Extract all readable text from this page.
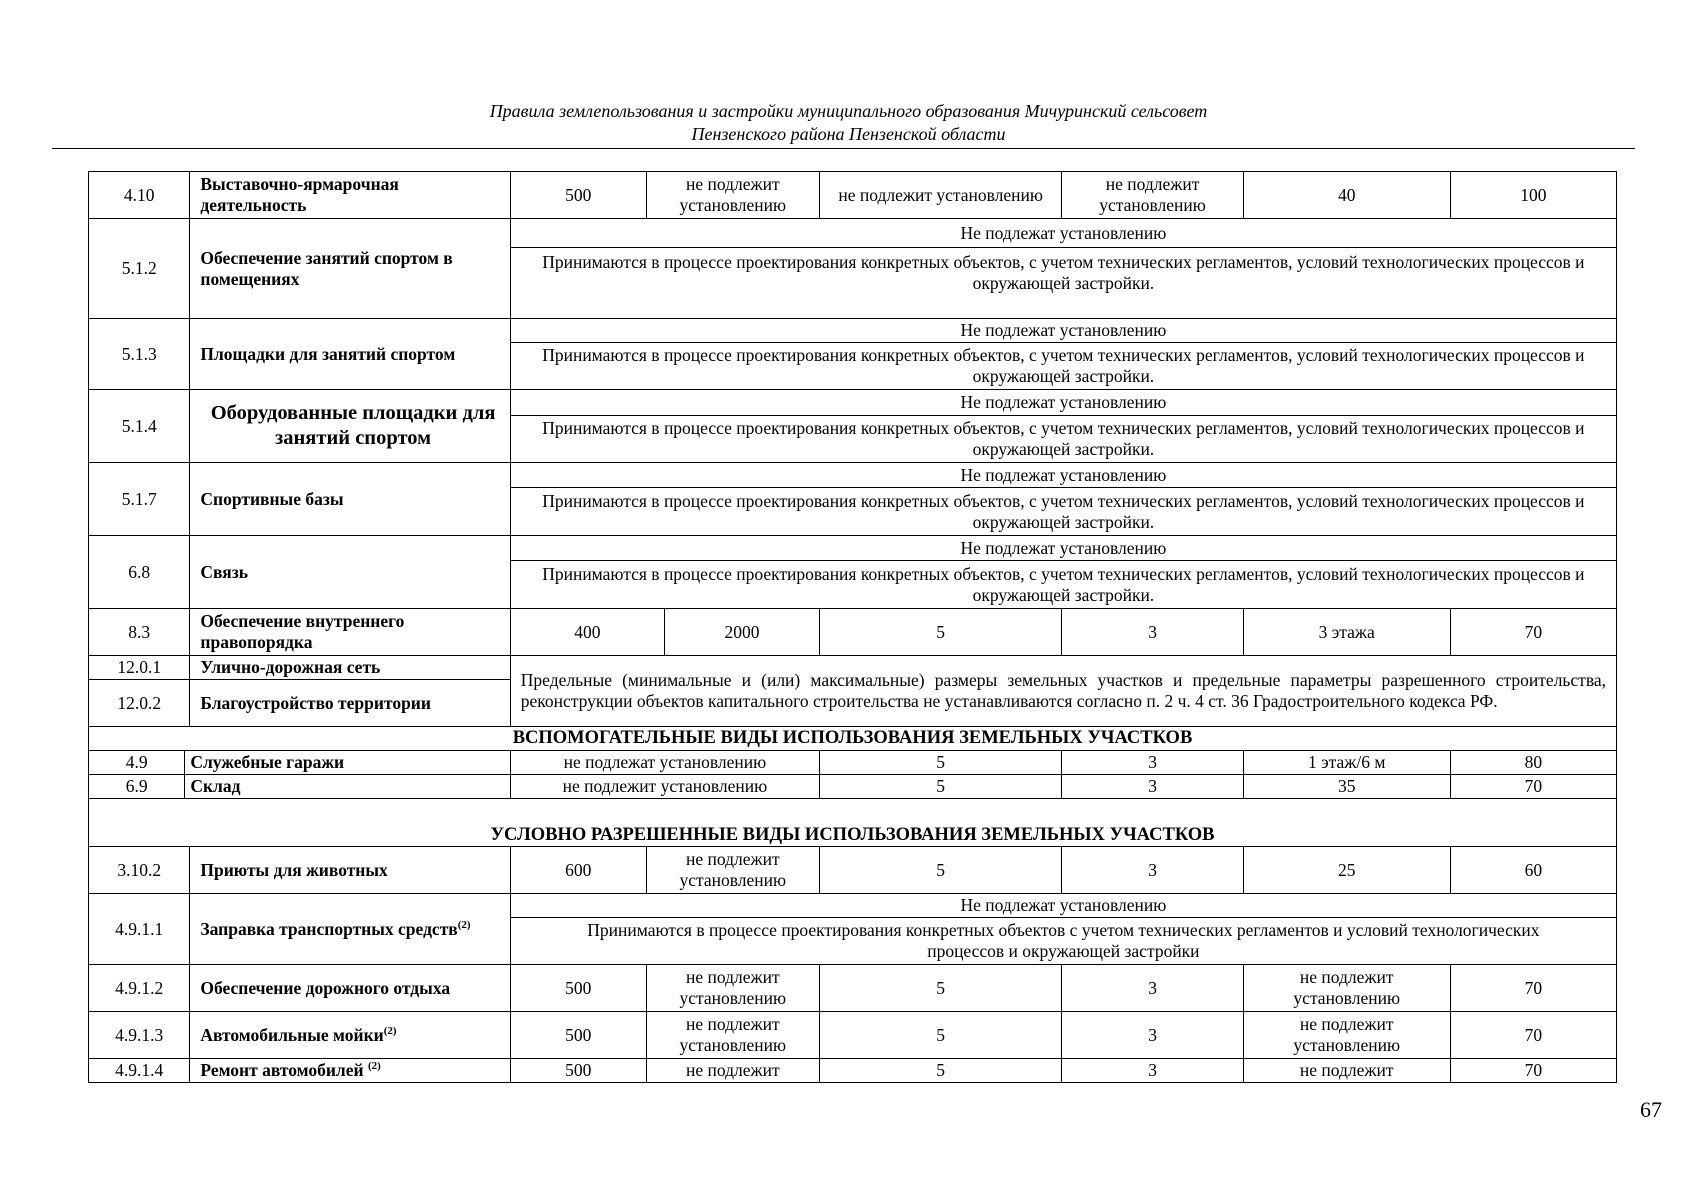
Правила землепользования и застройки муниципального образования Мичуринский сельсовет
Пензенского района Пензенской области
4.10		Выставочно-ярмарочная деятельность	500	не подлежит установлению		не подлежит установлению	не подлежит установлению	40	100
5.1.2		Обеспечение занятий спортом в помещениях	Не подлежат установлению						
			Принимаются в процессе проектирования конкретных объектов, с учетом технических регламентов, условий технологических процессов и окружающей застройки.						
5.1.3		Площадки для занятий спортом	Не подлежат установлению						
			Принимаются в процессе проектирования конкретных объектов, с учетом технических регламентов, условий технологических процессов и окружающей застройки.						
5.1.4		Оборудованные площадки для занятий спортом	Не подлежат установлению						
			Принимаются в процессе проектирования конкретных объектов, с учетом технических регламентов, условий технологических процессов и окружающей застройки.						
5.1.7		Спортивные базы	Не подлежат установлению						
			Принимаются в процессе проектирования конкретных объектов, с учетом технических регламентов, условий технологических процессов и окружающей застройки.						
6.8		Связь	Не подлежат установлению						
			Принимаются в процессе проектирования конкретных объектов, с учетом технических регламентов, условий технологических процессов и окружающей застройки.						
8.3		Обеспечение внутреннего правопорядка	400		2000	5	3	3 этажа	70
12.0.1		Улично-дорожная сеть	Предельные (минимальные и (или) максимальные) размеры земельных участков и предельные параметры разрешенного строительства, реконструкции объектов капитального строительства не устанавливаются согласно п. 2 ч. 4 ст. 36 Градостроительного кодекса РФ.						
12.0.2		Благоустройство территории							
ВСПОМОГАТЕЛЬНЫЕ ВИДЫ ИСПОЛЬЗОВАНИЯ ЗЕМЕЛЬНЫХ УЧАСТКОВ									
4.9	Служебные гаражи		не подлежат установлению			5	3	1 этаж/6 м	80
6.9	Склад		не подлежит установлению			5	3	35	70
УСЛОВНО РАЗРЕШЕННЫЕ ВИДЫ ИСПОЛЬЗОВАНИЯ ЗЕМЕЛЬНЫХ УЧАСТКОВ									
3.10.2		Приюты для животных	600	не подлежит установлению		5	3	25	60
4.9.1.1		Заправка транспортных средств$^{(2)}$	Не подлежат установлению						
			Принимаются в процессе проектирования конкретных объектов с учетом технических регламентов и условий технологических процессов и окружающей застройки						
4.9.1.2		Обеспечение дорожного отдыха	500	не подлежит установлению		5	3	не подлежит установлению	70
4.9.1.3		Автомобильные мойки$^{(2)}$	500	не подлежит установлению		5	3	не подлежит установлению	70
4.9.1.4		Ремонт автомобилей $^{(2)}$	500	не подлежит		5	3	не подлежит	70
67
